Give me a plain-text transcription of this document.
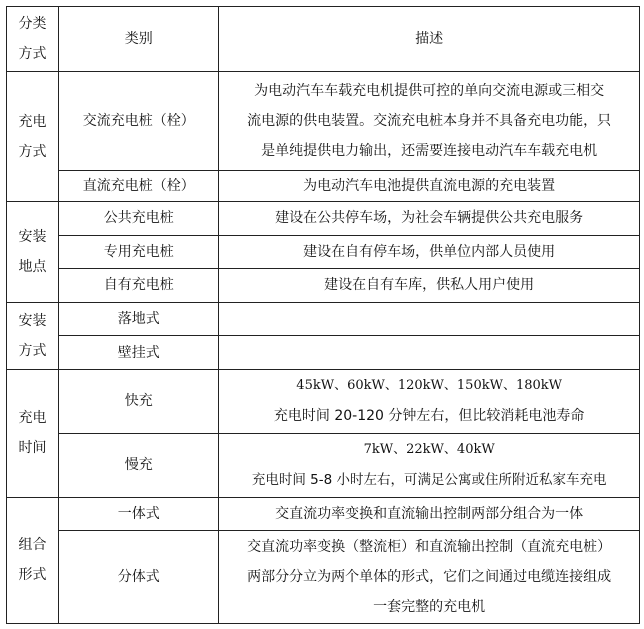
分类方式	类别	描述
充电方式	交流充电桩（栓）	为电动汽车车载充电机提供可控的单向交流电源或三相交
流电源的供电装置。交流充电桩本身并不具备充电功能，只
是单纯提供电力输出，还需要连接电动汽车车载充电机

	直流充电桩（栓）	为电动汽车电池提供直流电源的充电装置
安装地点	公共充电桩	建设在公共停车场，为社会车辆提供公共充电服务
	专用充电桩	建设在自有停车场，供单位内部人员使用
	自有充电桩	建设在自有车库，供私人用户使用
安装方式	落地式	
	壁挂式	
充电时间	快充	45kW、60kW、120kW、150kW、180kW
充电时间 20-120 分钟左右，但比较消耗电池寿命

	慢充	7kW、22kW、40kW
充电时间 5-8 小时左右，可满足公寓或住所附近私家车充电

组合形式	一体式	交直流功率变换和直流输出控制两部分组合为一体
	分体式	交直流功率变换（整流柜）和直流输出控制（直流充电桩）
两部分分立为两个单体的形式，它们之间通过电缆连接组成
一套完整的充电机
